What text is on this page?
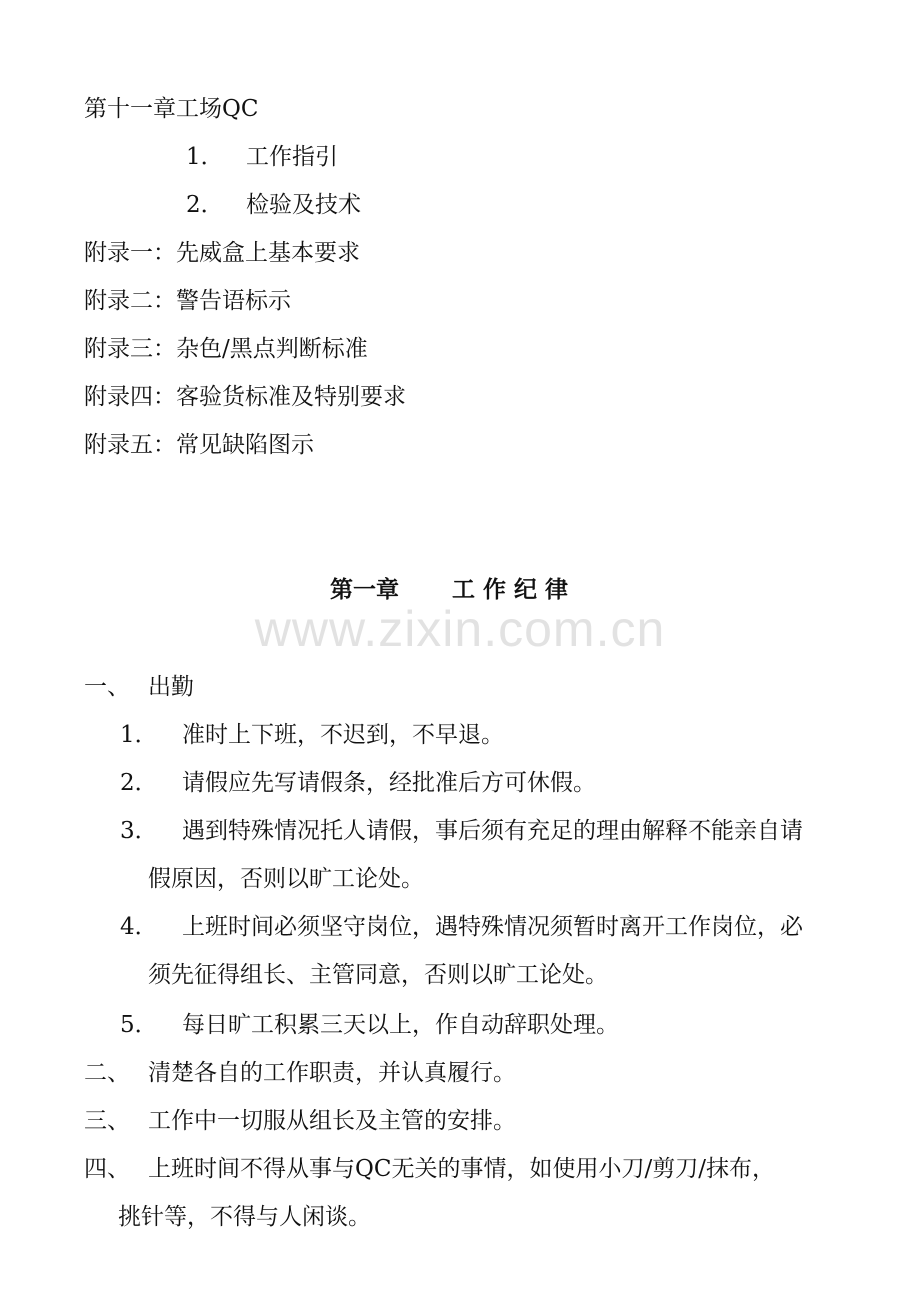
第十一章工场QC
1． 工作指引
2． 检验及技术
附录一：先威盒上基本要求
附录二：警告语标示
附录三：杂色/黑点判断标准
附录四：客验货标准及特别要求
附录五：常见缺陷图示
第一章 工 作 纪 律
www.zixin.com.cn
一、 出勤
1． 准时上下班，不迟到，不早退。
2． 请假应先写请假条，经批准后方可休假。
3． 遇到特殊情况托人请假，事后须有充足的理由解释不能亲自请
假原因，否则以旷工论处。
4． 上班时间必须坚守岗位，遇特殊情况须暂时离开工作岗位，必
须先征得组长、主管同意，否则以旷工论处。
5． 每日旷工积累三天以上，作自动辞职处理。
二、 清楚各自的工作职责，并认真履行。
三、 工作中一切服从组长及主管的安排。
四、 上班时间不得从事与QC无关的事情，如使用小刀/剪刀/抹布，
挑针等，不得与人闲谈。
